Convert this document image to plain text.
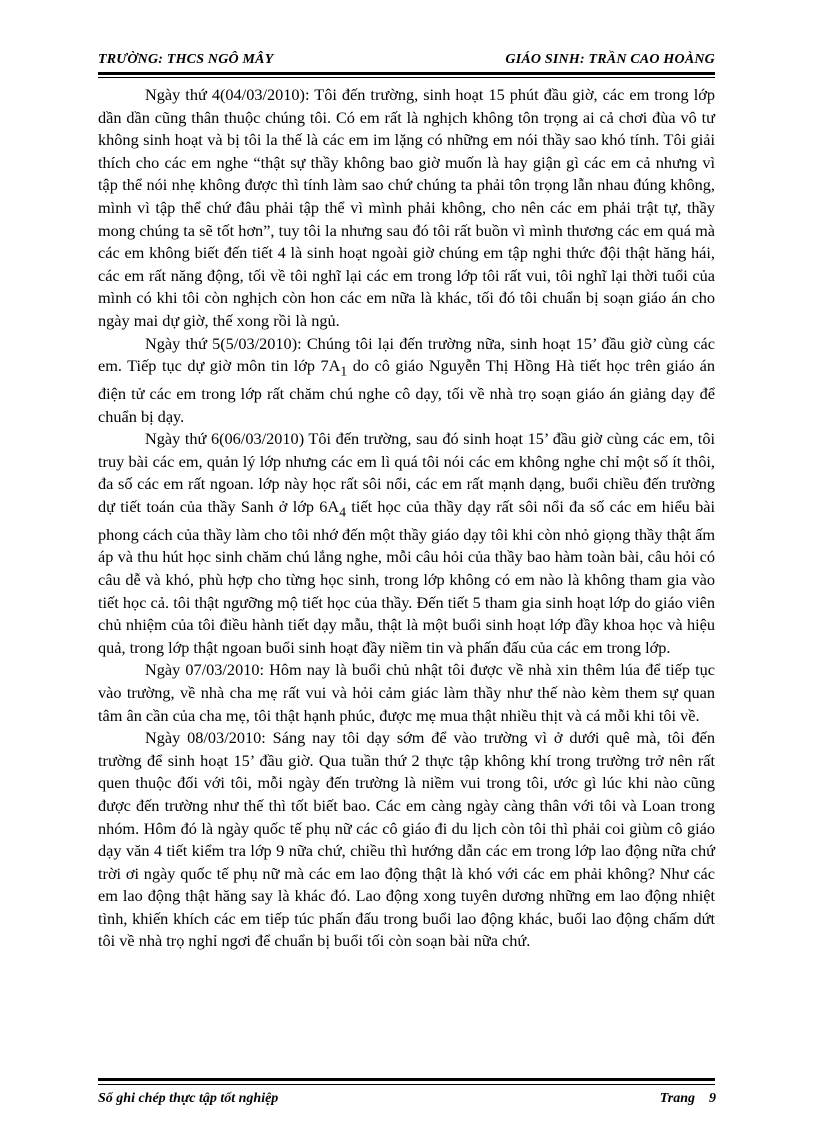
TRƯỜNG: THCS NGÔ MÂY	GIÁO SINH: TRẦN CAO HOÀNG

Ngày thứ 4(04/03/2010): Tôi đến trường, sinh hoạt 15 phút đầu giờ, các em trong lớp dần dần cũng thân thuộc chúng tôi. Có em rất là nghịch không tôn trọng ai cả chơi đùa vô tư không sinh hoạt và bị tôi la thế là các em im lặng có những em nói thầy sao khó tính. Tôi giải thích cho các em nghe “thật sự thầy không bao giờ muốn là hay giận gì các em cả nhưng vì tập thể nói nhẹ không được thì tính làm sao chứ chúng ta phải tôn trọng lẫn nhau đúng không, mình vì tập thể chứ đâu phải tập thể vì mình phải không, cho nên các em phải trật tự, thầy mong chúng ta sẽ tốt hơn”, tuy tôi la nhưng sau đó tôi rất buồn vì mình thương các em quá mà các em không biết đến tiết 4 là sinh hoạt ngoài giờ chúng em tập nghi thức đội thật hăng hái, các em rất năng động, tối về tôi nghĩ lại các em trong lớp tôi rất vui, tôi nghĩ lại thời tuổi của mình có khi tôi còn nghịch còn hon các em nữa là khác, tối đó tôi chuẩn bị soạn giáo án cho ngày mai dự giờ, thế xong rồi là ngủ.

Ngày thứ 5(5/03/2010): Chúng tôi lại đến trường nữa, sinh hoạt 15’ đầu giờ cùng các em. Tiếp tục dự giờ môn tin lớp $7A_1$ do cô giáo Nguyễn Thị Hồng Hà tiết học trên giáo án điện tử các em trong lớp rất chăm chú nghe cô dạy, tối về nhà trọ soạn giáo án giảng dạy để chuẩn bị dạy.

Ngày thứ 6(06/03/2010) Tôi đến trường, sau đó sinh hoạt 15’ đầu giờ cùng các em, tôi truy bài các em, quản lý lớp nhưng các em lì quá tôi nói các em không nghe chỉ một số ít thôi, đa số các em rất ngoan. lớp này học rất sôi nổi, các em rất mạnh dạng, buổi chiều đến trường dự tiết toán của thầy Sanh ở lớp $6A_4$ tiết học của thầy dạy rất sôi nổi đa số các em hiểu bài phong cách của thầy làm cho tôi nhớ đến một thầy giáo dạy tôi khi còn nhỏ giọng thầy thật ấm áp và thu hút học sinh chăm chú lắng nghe, mỗi câu hỏi của thầy bao hàm toàn bài, câu hỏi có câu dễ và khó, phù hợp cho từng học sinh, trong lớp không có em nào là không tham gia vào tiết học cả. tôi thật ngưỡng mộ tiết học của thầy. Đến tiết 5 tham gia sinh hoạt lớp do giáo viên chủ nhiệm của tôi điều hành tiết dạy mẫu, thật là một buổi sinh hoạt lớp đầy khoa học và hiệu quả, trong lớp thật ngoan buổi sinh hoạt đầy niềm tin và phấn đấu của các em trong lớp.

Ngày 07/03/2010: Hôm nay là buổi chủ nhật tôi được về nhà xin thêm lúa để tiếp tục vào trường, về nhà cha mẹ rất vui và hỏi cảm giác làm thầy như thế nào kèm them sự quan tâm ân cần của cha mẹ, tôi thật hạnh phúc, được mẹ mua thật nhiều thịt và cá mỗi khi tôi về.

Ngày 08/03/2010: Sáng nay tôi dạy sớm để vào trường vì ở dưới quê mà, tôi đến trường để sinh hoạt 15’ đầu giờ. Qua tuần thứ 2 thực tập không khí trong trường trở nên rất quen thuộc đối với tôi, mỗi ngày đến trường là niềm vui trong tôi, ước gì lúc khi nào cũng được đến trường như thế thì tốt biết bao. Các em càng ngày càng thân với tôi và Loan trong nhóm. Hôm đó là ngày quốc tế phụ nữ các cô giáo đi du lịch còn tôi thì phải coi giùm cô giáo dạy văn 4 tiết kiểm tra lớp 9 nữa chứ, chiều thì hướng dẫn các em trong lớp lao động nữa chứ trời ơi ngày quốc tế phụ nữ mà các em lao động thật là khó với các em phải không? Như các em lao động thật hăng say là khác đó. Lao động xong tuyên dương những em lao động nhiệt tình, khiến khích các em tiếp túc phấn đấu trong buổi lao động khác, buổi lao động chấm dứt tôi về nhà trọ nghỉ ngơi để chuẩn bị buổi tối còn soạn bài nữa chứ.

Sổ ghi chép thực tập tốt nghiệp	Trang 9
